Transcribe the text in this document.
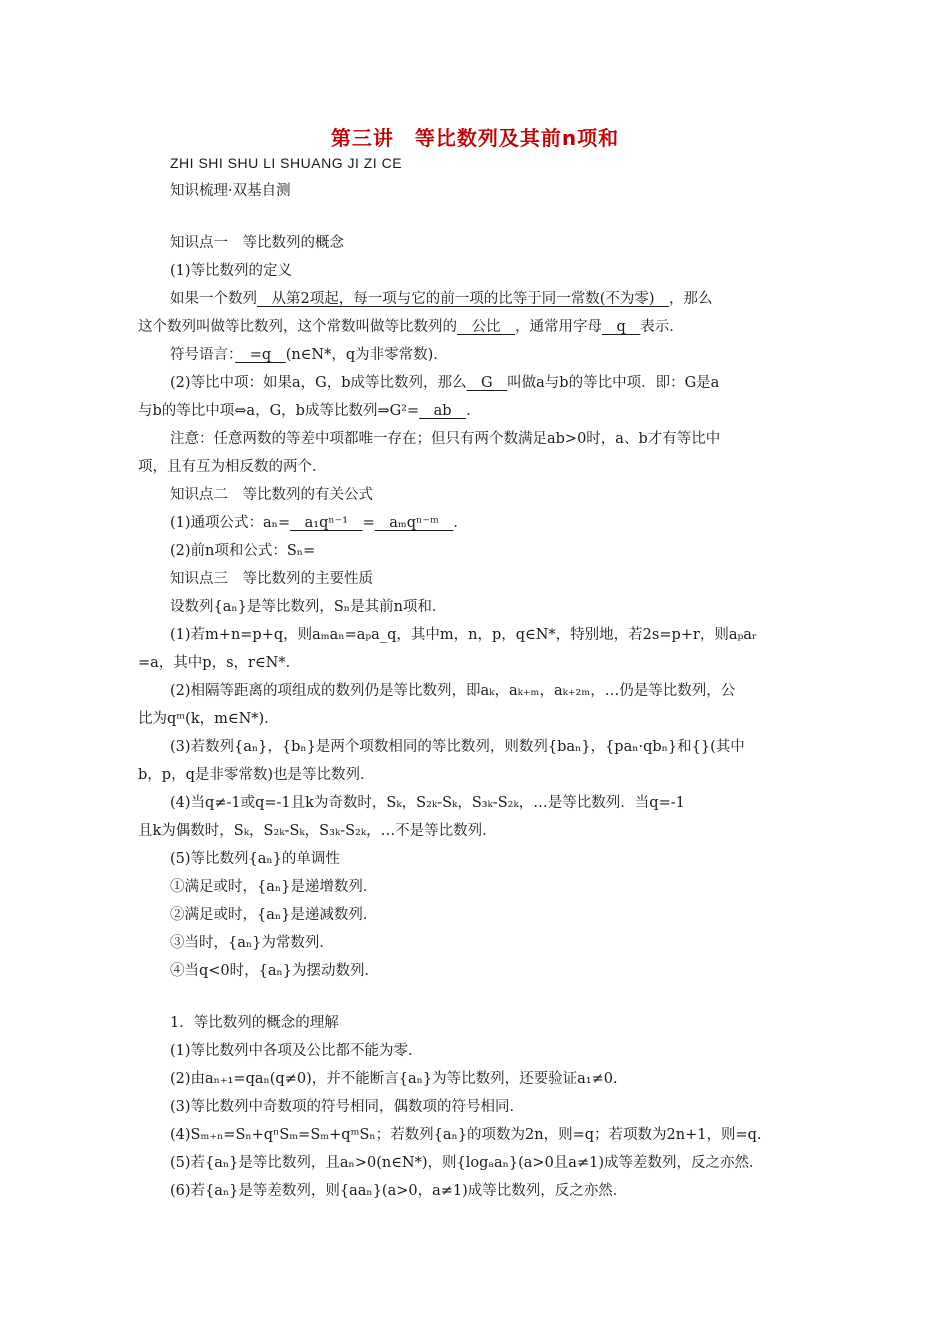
第三讲　等比数列及其前n项和
ZHI SHI SHU LI SHUANG JI ZI CE
知识梳理·双基自测
知识点一　等比数列的概念
(1)等比数列的定义
如果一个数列　从第2项起，每一项与它的前一项的比等于同一常数(不为零)　，那么
这个数列叫做等比数列，这个常数叫做等比数列的　公比　，通常用字母　q　表示．
符号语言：　=q　(n∈N*，q为非零常数)．
(2)等比中项：如果a，G，b成等比数列，那么　G　叫做a与b的等比中项．即：G是a
与b的等比中项⇔a，G，b成等比数列⇒G²=　ab　．
注意：任意两数的等差中项都唯一存在；但只有两个数满足ab>0时，a、b才有等比中
项，且有互为相反数的两个．
知识点二　等比数列的有关公式
(1)通项公式：aₙ=　a₁qⁿ⁻¹　=　aₘqⁿ⁻ᵐ　．
(2)前n项和公式：Sₙ=
知识点三　等比数列的主要性质
设数列{aₙ}是等比数列，Sₙ是其前n项和．
(1)若m+n=p+q，则aₘaₙ=aₚa_q，其中m，n，p，q∈N*，特别地，若2s=p+r，则aₚaᵣ
=a，其中p，s，r∈N*．
(2)相隔等距离的项组成的数列仍是等比数列，即aₖ，aₖ₊ₘ，aₖ₊₂ₘ，…仍是等比数列，公
比为qᵐ(k，m∈N*)．
(3)若数列{aₙ}，{bₙ}是两个项数相同的等比数列，则数列{baₙ}，{paₙ·qbₙ}和{}(其中
b，p，q是非零常数)也是等比数列．
(4)当q≠-1或q=-1且k为奇数时，Sₖ，S₂ₖ-Sₖ，S₃ₖ-S₂ₖ，…是等比数列．当q=-1
且k为偶数时，Sₖ，S₂ₖ-Sₖ，S₃ₖ-S₂ₖ，…不是等比数列．
(5)等比数列{aₙ}的单调性
①满足或时，{aₙ}是递增数列．
②满足或时，{aₙ}是递减数列．
③当时，{aₙ}为常数列．
④当q<0时，{aₙ}为摆动数列．
1．等比数列的概念的理解
(1)等比数列中各项及公比都不能为零．
(2)由aₙ₊₁=qaₙ(q≠0)，并不能断言{aₙ}为等比数列，还要验证a₁≠0.
(3)等比数列中奇数项的符号相同，偶数项的符号相同．
(4)Sₘ₊ₙ=Sₙ+qⁿSₘ=Sₘ+qᵐSₙ；若数列{aₙ}的项数为2n，则=q；若项数为2n+1，则=q.
(5)若{aₙ}是等比数列，且aₙ>0(n∈N*)，则{logₐaₙ}(a>0且a≠1)成等差数列，反之亦然．
(6)若{aₙ}是等差数列，则{aaₙ}(a>0，a≠1)成等比数列，反之亦然．
